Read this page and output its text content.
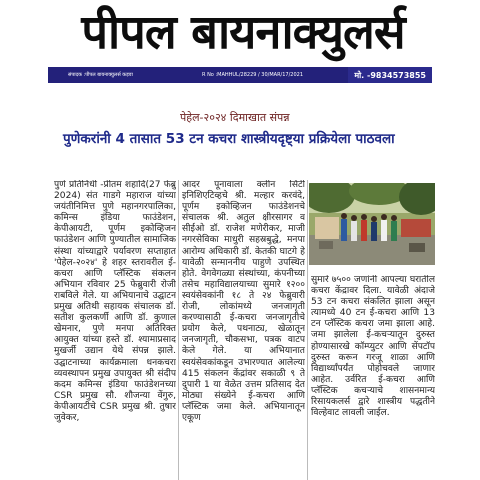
पीपल बायनाक्युलर्स
संपादक :पीपल बायनाक्युलर्स कड़वा	R No :MAHHUL/28229 / 30/MAR/17/2021	मो. -9834573855
पेहेल-२०२४ दिमाखात संपन्न
पुणेकरांनी 4 तासात 53 टन कचरा शास्त्रीयदृष्ट्या प्रक्रियेला पाठवला
पुणे प्रतिनिधी -प्रीतम शहादि(27 फेब्रु 2024) संत गाडगे महाराज यांच्या जयंतीनिमित्त पुणे महानगरपालिका, कमिन्स इंडिया फाउंडेशन, केपीआयटी, पूर्णम इकोव्हिजन फाउंडेशन आणि पुण्यातील सामाजिक संस्था यांच्याद्वारे पर्यावरण सप्ताहात 'पेहेल-२०२४' हे शहर स्तरावरील ई-कचरा आणि प्लॅस्टिक संकलन अभियान रविवार 25 फेब्रुवारी रोजी राबविले गेले. या अभियानाचे उद्घाटन प्रमुख अतिथी सहायक संचालक डॉ. सतीश कुलकर्णी आणि डॉ. कुणाल खेमनार, पुणे मनपा अतिरिक्त आयुक्त यांच्या हस्ते डॉ. श्यामाप्रसाद मुखर्जी उद्यान येथे संपन्न झाले. उद्घाटनाच्या कार्यक्रमाला धनकचरा व्यवस्थापन प्रमुख उपायुक्त श्री संदीप कदम कमिन्स इंडिया फाउंडेशनच्या CSR प्रमुख सौ. शौजन्या वेंगुरु, केपीआयटीचे CSR प्रमुख श्री. तुषार जुवेकर,
आदर पूनावाला क्लीन सिटी इनिशिएटिव्हचे श्री. मल्हार करवंदे, पूर्णम इकोव्हिजन फाउंडेशनचे संचालक श्री. अतुल क्षीरसागर व सीईओ डॉ. राजेश मणेरीकर, माजी नगरसेविका माधुरी सहस्रबुद्धे, मनपा आरोग्य अधिकारी डॉ. केतकी घाटगे हे यावेळी सन्माननीय पाहुणे उपस्थित होते. वेगवेगळ्या संस्थांच्या, कंपनीच्या तसेच महाविद्यालयाच्या सुमारे १२०० स्वयंसेवकांनी १८ ते २४ फेब्रुवारी रोजी, लोकांमध्ये जनजागृती करण्यासाठी ई-कचरा जनजागृतीचे प्रयोग केले, पथनाट्य, खेळातून जनजागृती, चौकसभा, पत्रक वाटप केले गेले. या अभियानात स्वयंसेवकांकडून उभारण्यात आलेल्या 415 संकलन केंद्रांवर सकाळी ९ ते दुपारी 1 या वेळेत उत्तम प्रतिसाद देत मोठ्या संख्येने ई-कचरा आणि प्लॅस्टिक जमा केले. अभियानातून एकूण
सुमारे ७५०० जणांनी आपल्या घरातील कचरा केंद्रावर दिला. यावेळी अंदाजे 53 टन कचरा संकलित झाला असून त्यामध्ये 40 टन ई-कचरा आणि 13 टन प्लॅस्टिक कचरा जमा झाला आहे. जमा झालेला ई-कचऱ्यातून दुरुस्त होण्यासारखे कॉम्प्युटर आणि सेंपटॉप दुरुस्त करून गरजू शाळा आणि विद्यार्थ्यांपर्यंत पोहोचवले जाणार आहेत. उर्वरित ई-कचरा आणि प्लॅस्टिक कचऱ्याचे शासनमान्य रिसायकलर्स द्वारे शास्त्रीय पद्धतीने विल्हेवाट लावली जाईल.
